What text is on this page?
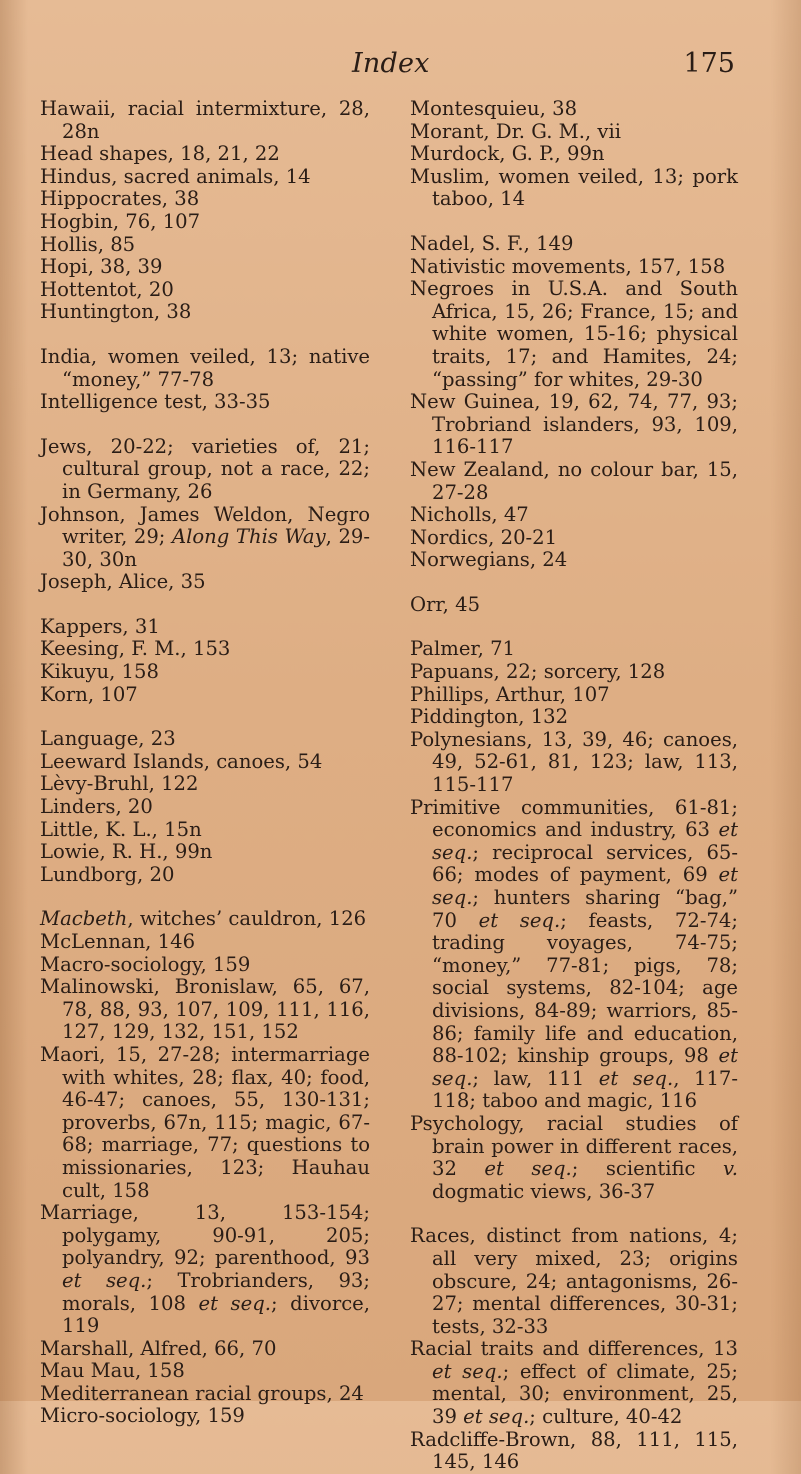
Index	175
Hawaii, racial intermixture, 28, 28n
Head shapes, 18, 21, 22
Hindus, sacred animals, 14
Hippocrates, 38
Hogbin, 76, 107
Hollis, 85
Hopi, 38, 39
Hottentot, 20
Huntington, 38
India, women veiled, 13; native “money,” 77-78
Intelligence test, 33-35
Jews, 20-22; varieties of, 21; cultural group, not a race, 22; in Germany, 26
Johnson, James Weldon, Negro writer, 29; Along This Way, 29-30, 30n
Joseph, Alice, 35
Kappers, 31
Keesing, F. M., 153
Kikuyu, 158
Korn, 107
Language, 23
Leeward Islands, canoes, 54
Lèvy-Bruhl, 122
Linders, 20
Little, K. L., 15n
Lowie, R. H., 99n
Lundborg, 20
Macbeth, witches’ cauldron, 126
McLennan, 146
Macro-sociology, 159
Malinowski, Bronislaw, 65, 67, 78, 88, 93, 107, 109, 111, 116, 127, 129, 132, 151, 152
Maori, 15, 27-28; intermarriage with whites, 28; flax, 40; food, 46-47; canoes, 55, 130-131; proverbs, 67n, 115; magic, 67-68; marriage, 77; questions to missionaries, 123; Hauhau cult, 158
Marriage, 13, 153-154; polygamy, 90-91, 205; polyandry, 92; parenthood, 93 et seq.; Trobrianders, 93; morals, 108 et seq.; divorce, 119
Marshall, Alfred, 66, 70
Mau Mau, 158
Mediterranean racial groups, 24
Micro-sociology, 159
Montesquieu, 38
Morant, Dr. G. M., vii
Murdock, G. P., 99n
Muslim, women veiled, 13; pork taboo, 14
Nadel, S. F., 149
Nativistic movements, 157, 158
Negroes in U.S.A. and South Africa, 15, 26; France, 15; and white women, 15-16; physical traits, 17; and Hamites, 24; “passing” for whites, 29-30
New Guinea, 19, 62, 74, 77, 93; Trobriand islanders, 93, 109, 116-117
New Zealand, no colour bar, 15, 27-28
Nicholls, 47
Nordics, 20-21
Norwegians, 24
Orr, 45
Palmer, 71
Papuans, 22; sorcery, 128
Phillips, Arthur, 107
Piddington, 132
Polynesians, 13, 39, 46; canoes, 49, 52-61, 81, 123; law, 113, 115-117
Primitive communities, 61-81; economics and industry, 63 et seq.; reciprocal services, 65-66; modes of payment, 69 et seq.; hunters sharing “bag,” 70 et seq.; feasts, 72-74; trading voyages, 74-75; “money,” 77-81; pigs, 78; social systems, 82-104; age divisions, 84-89; warriors, 85-86; family life and education, 88-102; kinship groups, 98 et seq.; law, 111 et seq., 117-118; taboo and magic, 116
Psychology, racial studies of brain power in different races, 32 et seq.; scientific v. dogmatic views, 36-37
Races, distinct from nations, 4; all very mixed, 23; origins obscure, 24; antagonisms, 26-27; mental differences, 30-31; tests, 32-33
Racial traits and differences, 13 et seq.; effect of climate, 25; mental, 30; environment, 25, 39 et seq.; culture, 40-42
Radcliffe-Brown, 88, 111, 115, 145, 146
